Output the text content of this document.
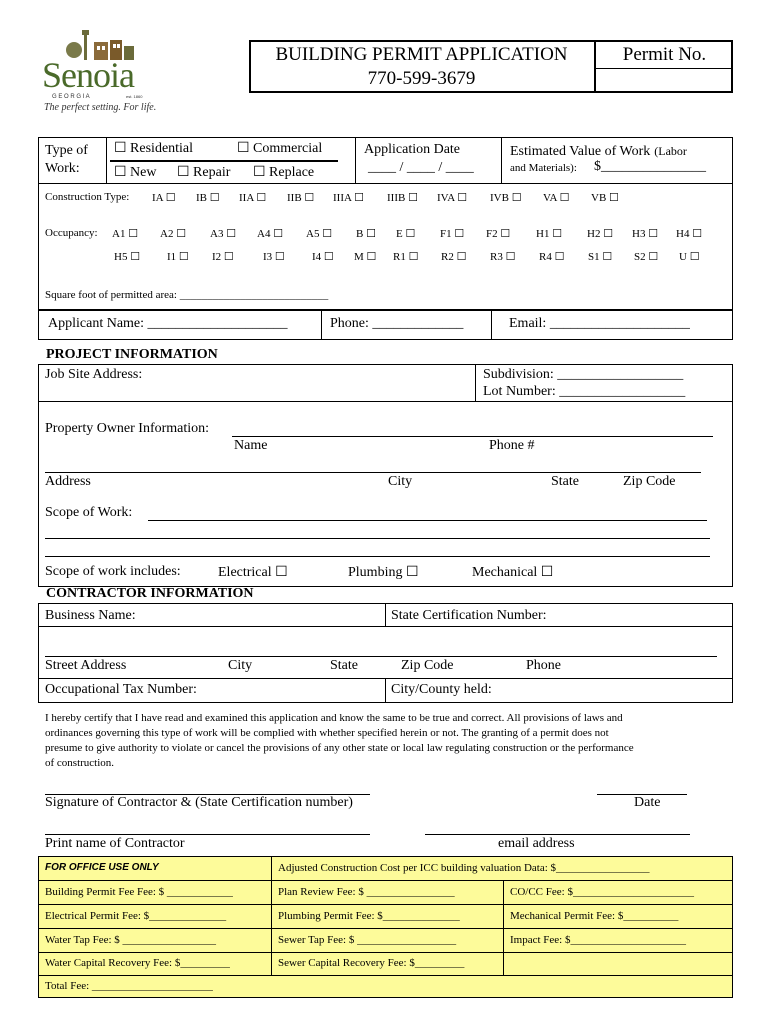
Senoia
G E O R G I A	est. 1860
The perfect setting. For life.
BUILDING PERMIT APPLICATION
770-599-3679
Permit No.
Type of Work:
☐ Residential	☐ Commercial
☐ New ☐ Repair ☐ Replace
Application Date
____ / ____ / ____
Estimated Value of Work (Labor
and Materials): $_______________
Construction Type: IA ☐ IB ☐ IIA ☐ IIB ☐ IIIA ☐ IIIB ☐ IVA ☐ IVB ☐ VA ☐ VB ☐
Occupancy: A1 ☐ A2 ☐ A3 ☐ A4 ☐ A5 ☐ B ☐ E ☐ F1 ☐ F2 ☐ H1 ☐ H2 ☐ H3 ☐ H4 ☐
H5 ☐ I1 ☐ I2 ☐	I3 ☐ I4 ☐ M ☐ R1 ☐ R2 ☐ R3 ☐ R4 ☐ S1 ☐ S2 ☐ U ☐
Square foot of permitted area: ___________________________
Applicant Name: ____________________	Phone: _____________	Email: ____________________
PROJECT INFORMATION
Job Site Address:	Subdivision: __________________
Lot Number: __________________
Property Owner Information:
Name	Phone #
Address	City	State	Zip Code
Scope of Work:
Scope of work includes:	Electrical ☐	Plumbing ☐	Mechanical ☐
CONTRACTOR INFORMATION
Business Name:	State Certification Number:
Street Address	City	State	Zip Code	Phone
Occupational Tax Number:	City/County held:
I hereby certify that I have read and examined this application and know the same to be true and correct. All provisions of laws and
ordinances governing this type of work will be complied with whether specified herein or not. The granting of a permit does not
presume to give authority to violate or cancel the provisions of any other state or local law regulating construction or the performance
of construction.
Signature of Contractor & (State Certification number)	Date
Print name of Contractor	email address
FOR OFFICE USE ONLY	Adjusted Construction Cost per ICC building valuation Data: $_________________
Building Permit Fee Fee: $ ____________	Plan Review Fee: $ ________________	CO/CC Fee: $______________________
Electrical Permit Fee: $______________	Plumbing Permit Fee: $______________	Mechanical Permit Fee: $__________
Water Tap Fee: $ _________________	Sewer Tap Fee: $ __________________	Impact Fee: $_____________________
Water Capital Recovery Fee: $_________	Sewer Capital Recovery Fee: $_________
Total Fee: ______________________
